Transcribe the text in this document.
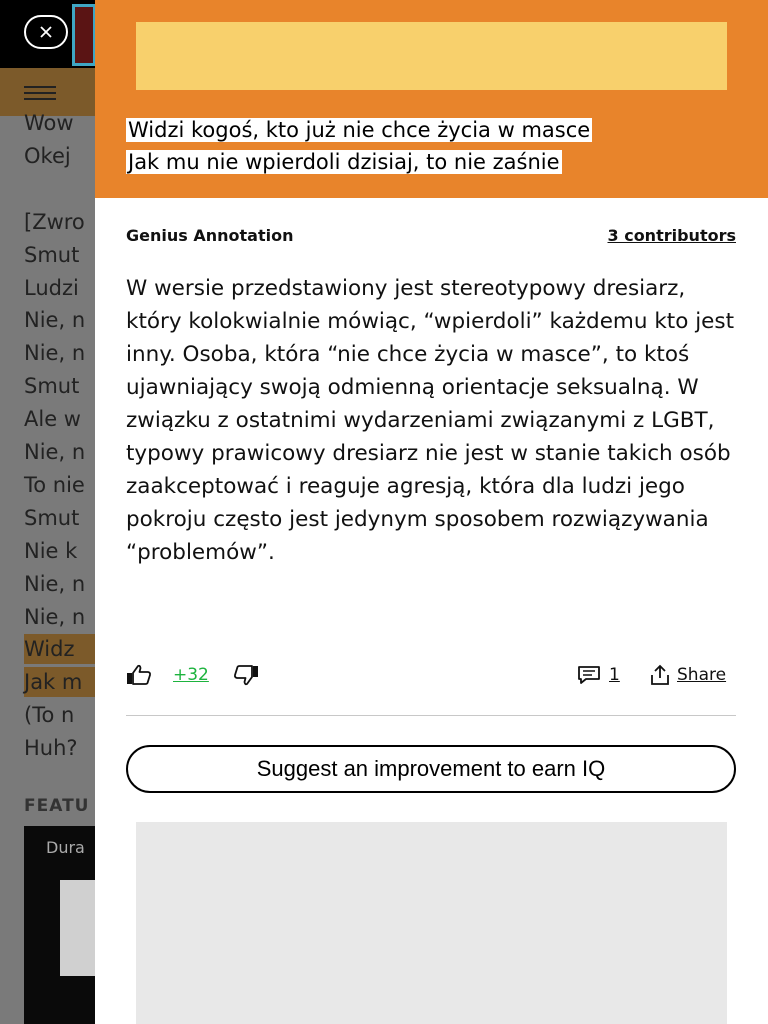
Wow
Okej
[Zwro
Smut
Ludzi
Nie, n
Nie, n
Smut
Ale w
Nie, n
To nie
Smut
Nie k
Nie, n
Nie, n
Widz
Jak m
(To n
Huh?
FEATU
Dura
Widzi kogoś, kto już nie chce życia w masce
Jak mu nie wpierdoli dzisiaj, to nie zaśnie
Genius Annotation	3 contributors
W wersie przedstawiony jest stereotypowy dresiarz, który kolokwialnie mówiąc, “wpierdoli” każdemu kto jest inny. Osoba, która “nie chce życia w masce”, to ktoś ujawniający swoją odmienną orientacje seksualną. W związku z ostatnimi wydarzeniami związanymi z LGBT, typowy prawicowy dresiarz nie jest w stanie takich osób zaakceptować i reaguje agresją, która dla ludzi jego pokroju często jest jedynym sposobem rozwiązywania “problemów”.
+32	1	Share
Suggest an improvement to earn IQ
